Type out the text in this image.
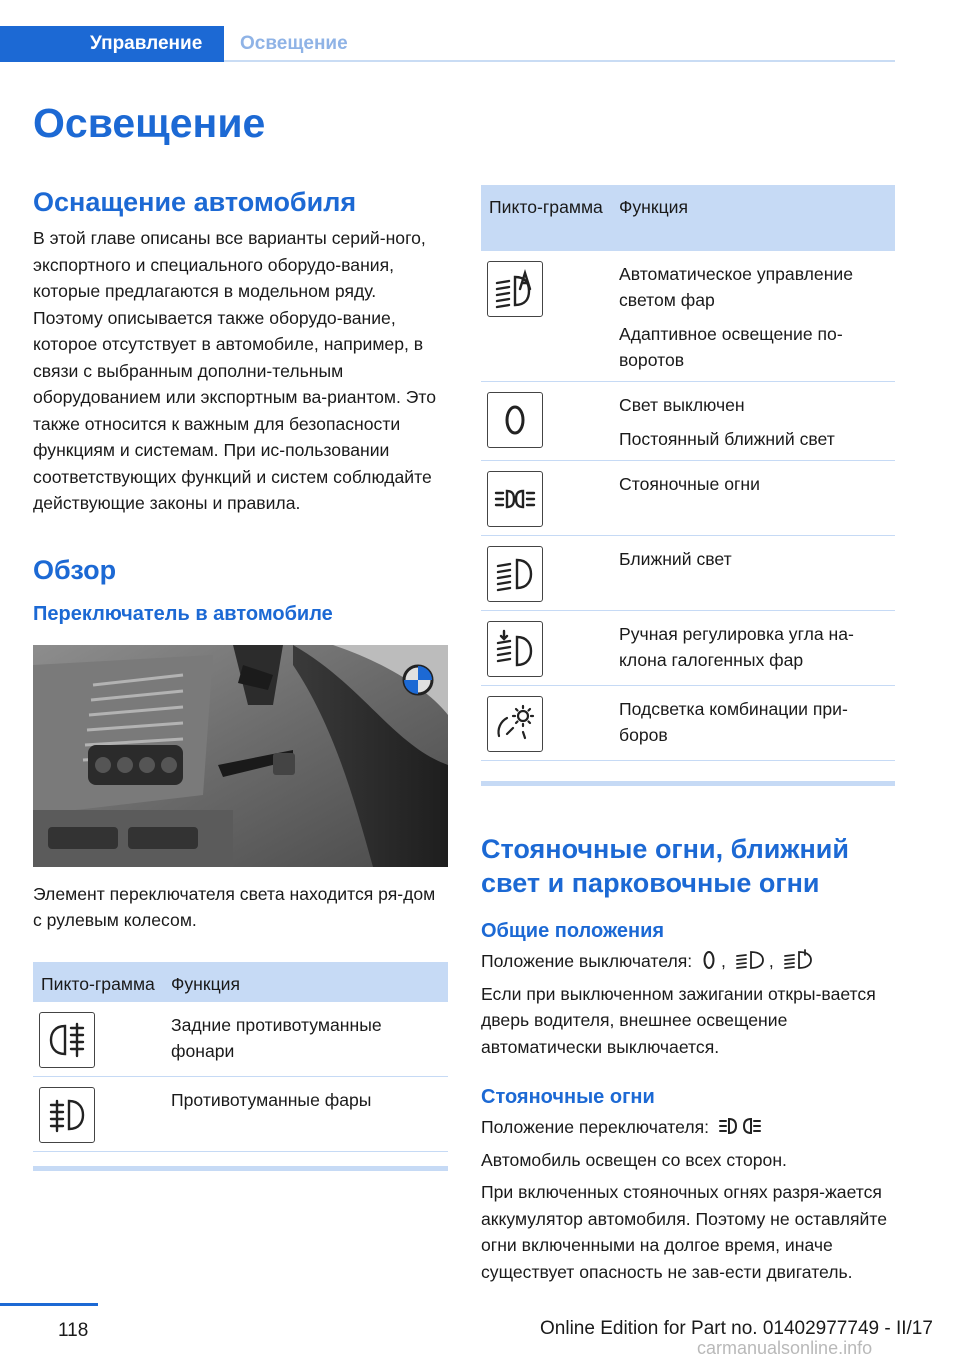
Управление	Освещение
Освещение
Оснащение автомобиля
В этой главе описаны все варианты серий-ного, экспортного и специального оборудо-вания, которые предлагаются в модельном ряду. Поэтому описывается также оборудо-вание, которое отсутствует в автомобиле, например, в связи с выбранным дополни-тельным оборудованием или экспортным ва-риантом. Это также относится к важным для безопасности функциям и системам. При ис-пользовании соответствующих функций и систем соблюдайте действующие законы и правила.
Обзор
Переключатель в автомобиле
Элемент переключателя света находится ря-дом с рулевым колесом.
Пикто-грамма Функция
Задние противотуманные фонари
Противотуманные фары
Пикто-грамма Функция
Автоматическое управление светом фар
Адаптивное освещение по-воротов
Свет выключен
Постоянный ближний свет
Стояночные огни
Ближний свет
Ручная регулировка угла на-клона галогенных фар
Подсветка комбинации при-боров
Стояночные огни, ближний свет и парковочные огни
Общие положения
Положение выключателя: , ,
Если при выключенном зажигании откры-вается дверь водителя, внешнее освещение автоматически выключается.
Стояночные огни
Положение переключателя:
Автомобиль освещен со всех сторон.
При включенных стояночных огнях разря-жается аккумулятор автомобиля. Поэтому не оставляйте огни включенными на долгое время, иначе существует опасность не зав-ести двигатель.
118	Online Edition for Part no. 01402977749 - II/17
carmanualsonline.info
